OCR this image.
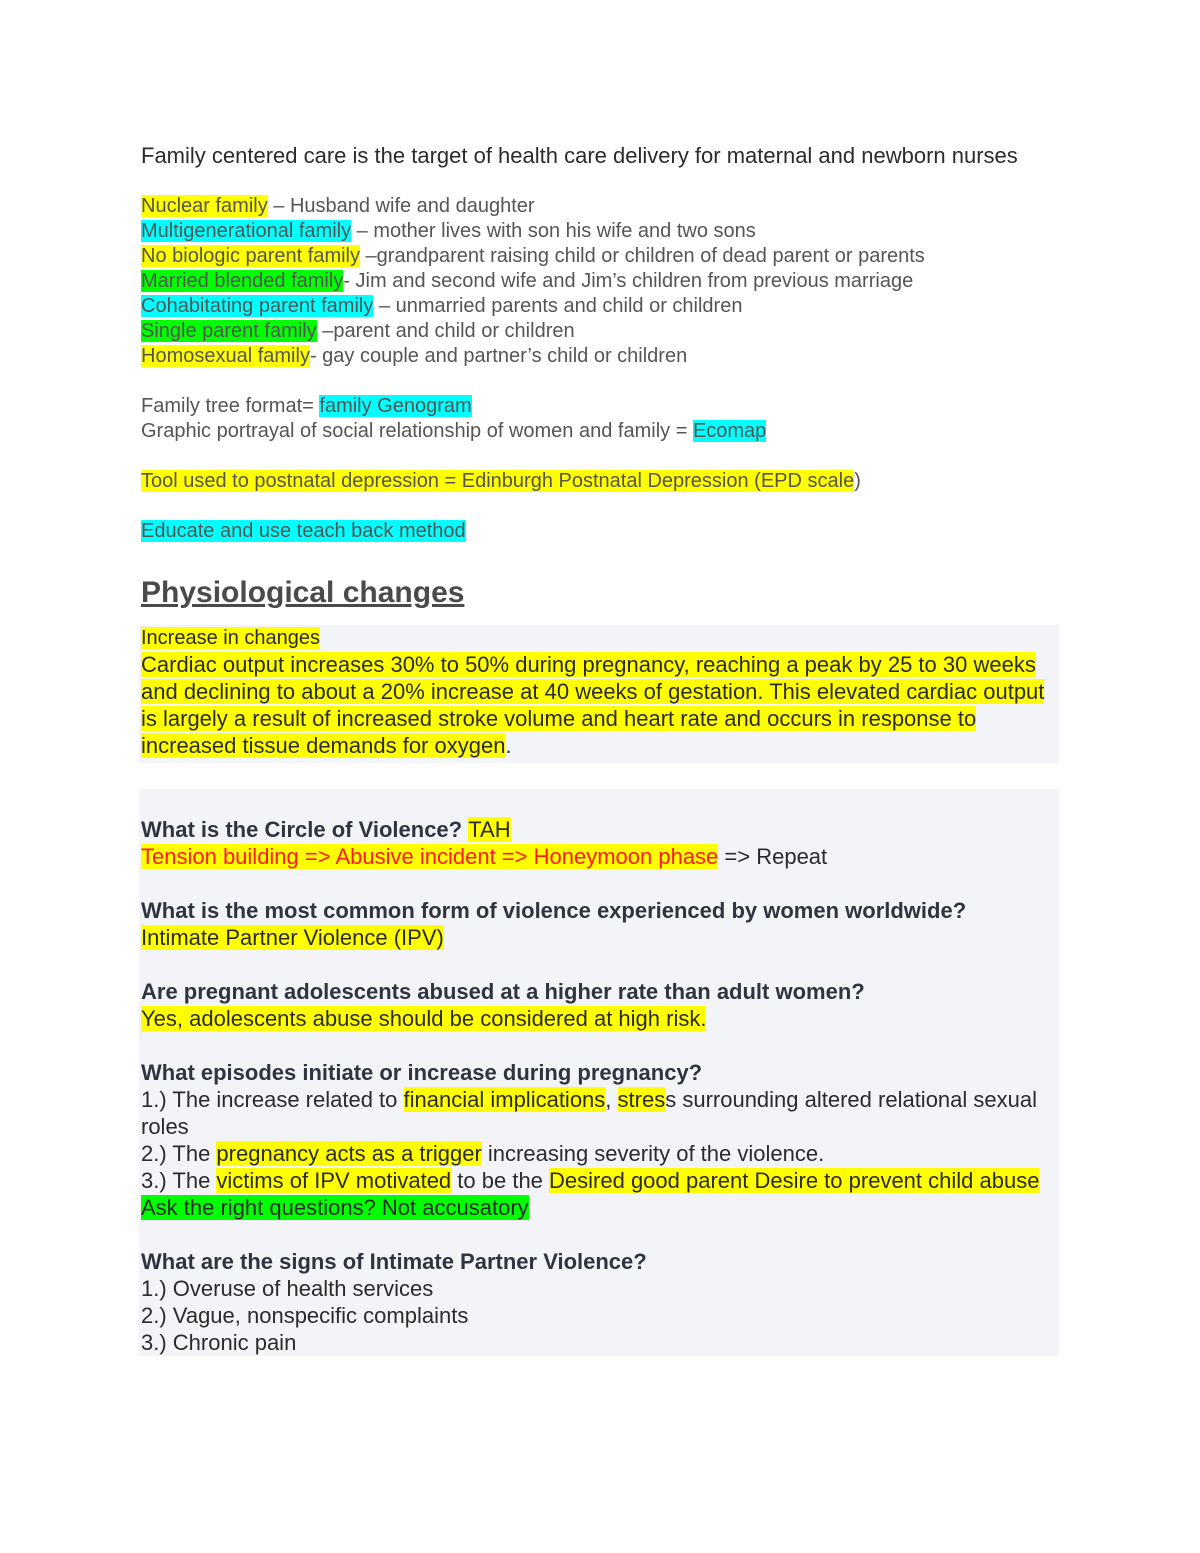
Family centered care is the target of health care delivery for maternal and newborn nurses

Nuclear family – Husband wife and daughter

Multigenerational family – mother lives with son his wife and two sons

No biologic parent family –grandparent raising child or children of dead parent or parents

Married blended family- Jim and second wife and Jim’s children from previous marriage

Cohabitating parent family – unmarried parents and child or children

Single parent family –parent and child or children

Homosexual family- gay couple and partner’s child or children

Family tree format= family Genogram

Graphic portrayal of social relationship of women and family = Ecomap

Tool used to postnatal depression = Edinburgh Postnatal Depression (EPD scale)

Educate and use teach back method

Physiological changes

Increase in changes

Cardiac output increases 30% to 50% during pregnancy, reaching a peak by 25 to 30 weeks and declining to about a 20% increase at 40 weeks of gestation. This elevated cardiac output is largely a result of increased stroke volume and heart rate and occurs in response to increased tissue demands for oxygen.

What is the Circle of Violence? TAH

Tension building => Abusive incident => Honeymoon phase => Repeat

What is the most common form of violence experienced by women worldwide?

Intimate Partner Violence (IPV)

Are pregnant adolescents abused at a higher rate than adult women?

Yes, adolescents abuse should be considered at high risk.

What episodes initiate or increase during pregnancy?

1.) The increase related to financial implications, stress surrounding altered relational sexual roles

2.) The pregnancy acts as a trigger increasing severity of the violence.

3.) The victims of IPV motivated to be the Desired good parent Desire to prevent child abuse

Ask the right questions? Not accusatory

What are the signs of Intimate Partner Violence?

1.) Overuse of health services

2.) Vague, nonspecific complaints

3.) Chronic pain
